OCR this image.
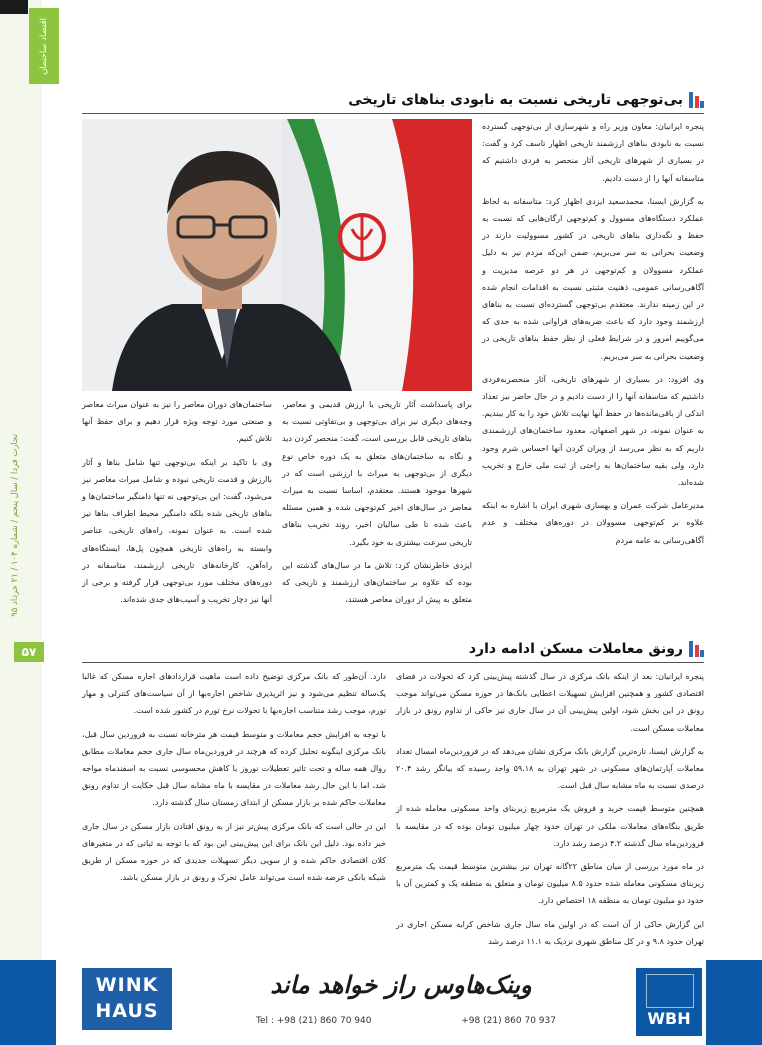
اقتصاد ساختمان
تجارت فردا / سال پنجم / شماره ۱۰۴ / ۲۱ خرداد ۹۵
۵۷
بی‌توجهی تاریخی نسبت به نابودی بناهای تاریخی

پنجره ایرانیان: معاون وزیر راه و شهرسازی از بی‌توجهی گسترده نسبت به نابودی بناهای ارزشمند تاریخی اظهار تاسف کرد و گفت: در بسیاری از شهرهای تاریخی آثار منحصر به فردی داشتیم که متاسفانه آنها را از دست دادیم.

به گزارش ایسنا، محمدسعید ایزدی اظهار کرد: متاسفانه به لحاظ عملکرد دستگاه‌های مسوول و کم‌توجهی ارگان‌هایی که نسبت به حفظ و نگه‌داری بناهای تاریخی در کشور مسوولیت دارند در وضعیت بحرانی به سر می‌بریم، ضمن این‌که مردم نیز به دلیل عملکرد مسوولان و کم‌توجهی در هر دو عرصه مدیریت و آگاهی‌رسانی عمومی، ذهنیت مثبتی نسبت به اقدامات انجام شده در این زمینه ندارند. معتقدم بی‌توجهی گسترده‌ای نسبت به بناهای ارزشمند وجود دارد که باعث ضربه‌های فراوانی شده به حدی که می‌گوییم امروز و در شرایط فعلی از نظر حفظ بناهای تاریخی در وضعیت بحرانی به سر می‌بریم.

وی افزود: در بسیاری از شهرهای تاریخی، آثار منحصر‌به‌فردی داشتیم که متاسفانه آنها را از دست دادیم و در حال حاضر نیز تعداد اندکی از باقی‌مانده‌ها در حفظ آنها نهایت تلاش خود را به کار ببندیم. به عنوان نمونه، در شهر اصفهان، معدود ساختمان‌های ارزشمندی داریم که به نظر می‌رسد از ویران کردن آنها احساس شرم وجود دارد، ولی بقیه ساختمان‌ها به راحتی از ثبت ملی خارج و تخریب شده‌اند.

مدیرعامل شرکت عمران و بهسازی شهری ایران با اشاره به اینکه علاوه بر کم‌توجهی مسوولان در دوره‌های مختلف و عدم آگاهی‌رسانی به عامه مردم

برای پاسداشت آثار تاریخی یا ارزش قدیمی و معاصر، وجه‌های دیگری نیز برای بی‌توجهی و بی‌تفاوتی نسبت به بناهای تاریخی قابل بررسی است، گفت: منحصر کردن دید و نگاه به ساختمان‌های متعلق به یک دوره خاص نوع دیگری از بی‌توجهی به میراث با ارزشی است که در شهرها موجود هستند. معتقدم، اساسا نسبت به میراث معاصر در سال‌های اخیر کم‌توجهی شده و همین مسئله باعث شده تا طی سالیان اخیر، روند تخریب بناهای تاریخی سرعت بیشتری به خود بگیرد.

ایزدی خاطرنشان کرد: تلاش ما در سال‌های گذشته این بوده که علاوه بر ساختمان‌های ارزشمند و تاریخی که متعلق به پیش از دوران معاصر هستند،

ساختمان‌های دوران معاصر را نیز به عنوان میراث معاصر و صنعتی مورد توجه ویژه قرار دهیم و برای حفظ آنها تلاش کنیم.

وی با تاکید بر اینکه بی‌توجهی تنها شامل بناها و آثار باارزش و قدمت تاریخی نبوده و شامل میراث معاصر نیز می‌شود، گفت: این بی‌توجهی نه تنها دامنگیر ساختمان‌ها و بناهای تاریخی شده بلکه دامنگیر محیط اطراف بناها نیز شده است. به عنوان نمونه، راه‌های تاریخی، عناصر وابسته به راه‌های تاریخی همچون پل‌ها، ایستگاه‌های راه‌آهن، کارخانه‌های تاریخی ارزشمند، متاسفانه در دوره‌های مختلف مورد بی‌توجهی قرار گرفته و برخی از آنها نیز دچار تخریب و آسیب‌های جدی شده‌اند.

رونق معاملات مسکن ادامه دارد

پنجره ایرانیان: بعد از اینکه بانک مرکزی در سال گذشته پیش‌بینی کرد که تحولات در فضای اقتصادی کشور و همچنین افزایش تسهیلات اعطایی بانک‌ها در حوزه مسکن می‌تواند موجب رونق در این بخش شود، اولین پیش‌بینی آن در سال جاری نیز حاکی از تداوم رونق در بازار معاملات مسکن است.

به گزارش ایسنا، تازه‌ترین گزارش بانک مرکزی نشان می‌دهد که در فروردین‌ماه امسال تعداد معاملات آپارتمان‌های مسکونی در شهر تهران به ۵۹.۱۸ واحد رسیده که بیانگر رشد ۲۰.۴ درصدی نسبت به ماه مشابه سال قبل است.

همچنین متوسط قیمت خرید و فروش یک مترمربع زیربنای واحد مسکونی معامله شده از طریق بنگاه‌های معاملات ملکی در تهران حدود چهار میلیون تومان بوده که در مقایسه با فروردین‌ماه سال گذشته ۴.۲ درصد رشد دارد.

در ماه مورد بررسی از میان مناطق ۲۲گانه تهران نیز بیشترین متوسط قیمت یک مترمربع زیربنای مسکونی معامله شده حدود ۸.۵ میلیون تومان و متعلق به منطقه یک و کمترین آن با حدود دو میلیون تومان به منطقه ۱۸ اختصاص دارد.

این گزارش حاکی از آن است که در اولین ماه سال جاری شاخص کرایه مسکن اجاری در تهران حدود ۹.۸ و در کل مناطق شهری نزدیک به ۱۱.۱ درصد رشد

دارد. آن‌طور که بانک مرکزی توضیح داده است ماهیت قراردادهای اجاره مسکن که غالبا یک‌ساله تنظیم می‌شود و نیز اثرپذیری شاخص اجاره‌بها از آن سیاست‌های کنترلی و مهار تورم، موجب رشد متناسب اجاره‌بها با تحولات نرخ تورم در کشور شده است.

با توجه به افزایش حجم معاملات و متوسط قیمت هر مترخانه نسبت به فروردین سال قبل، بانک مرکزی اینگونه تحلیل کرده که هرچند در فروردین‌ماه سال جاری حجم معاملات مطابق روال همه ساله و تحت تاثیر تعطیلات نوروز با کاهش محسوسی نسبت به اسفندماه مواجه شد، اما با این حال رشد معاملات در مقایسه با ماه مشابه سال قبل حکایت از تداوم رونق معاملات حاکم شده بر بازار مسکن از ابتدای زمستان سال گذشته دارد.

این در حالی است که بانک مرکزی پیش‌تر نیز از به رونق افتادن بازار مسکن در سال جاری خبر داده بود. دلیل این بانک برای این پیش‌بینی این بود که با توجه به ثباتی که در متغیرهای کلان اقتصادی حاکم شده و از سویی دیگر تسهیلات جدیدی که در حوزه مسکن از طریق شبکه بانکی عرضه شده است می‌تواند عامل تحرک و رونق در بازار مسکن باشد.

WINK HAUS
وینک‌هاوس راز خواهد ماند
Tel : +98 (21) 860 70 940	+98 (21) 860 70 937	WBH
